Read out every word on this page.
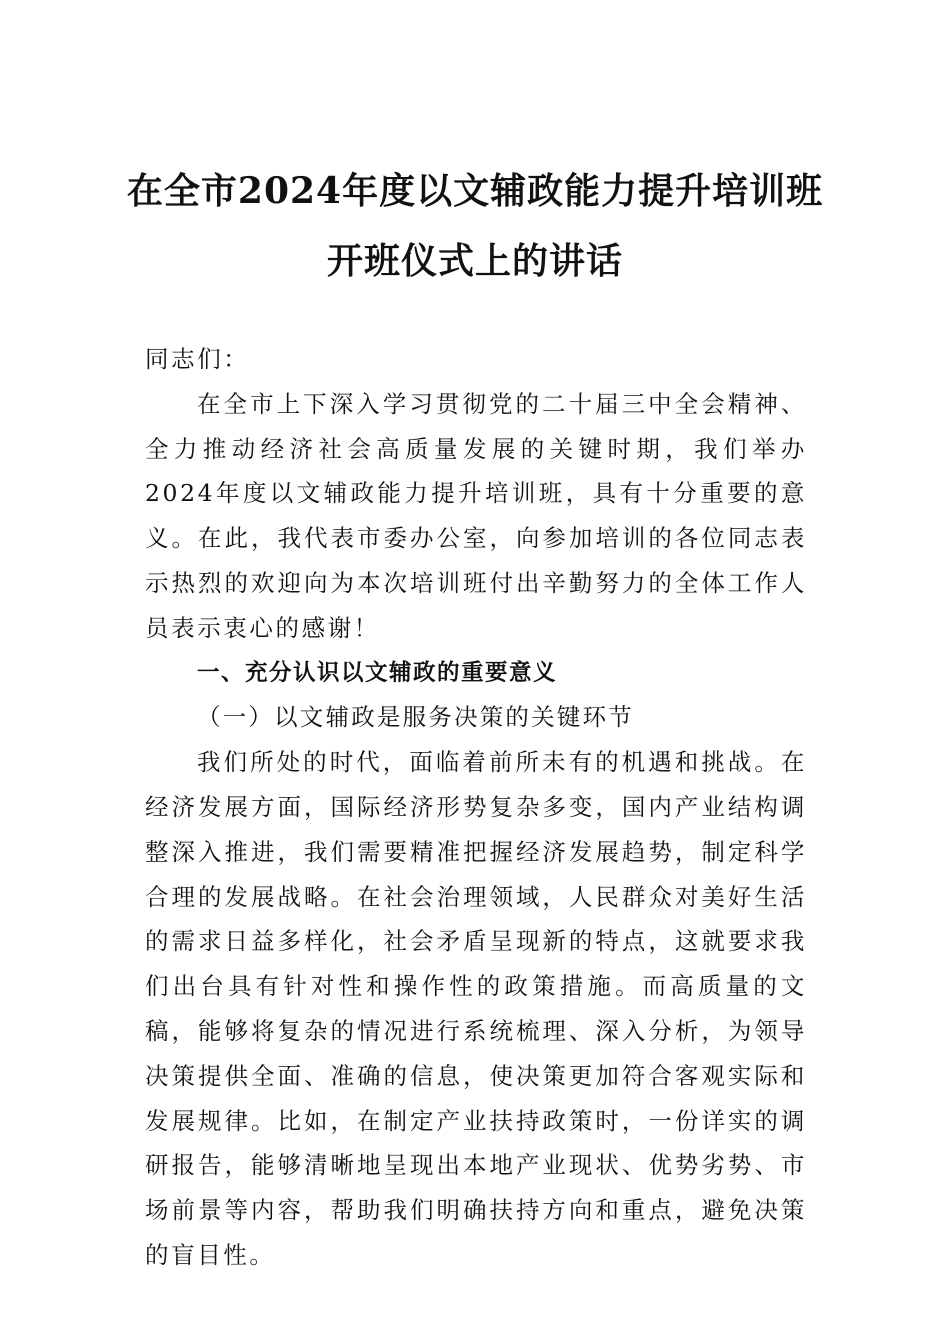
在全市2024年度以文辅政能力提升培训班
开班仪式上的讲话

同志们：

在全市上下深入学习贯彻党的二十届三中全会精神、全力推动经济社会高质量发展的关键时期，我们举办2024年度以文辅政能力提升培训班，具有十分重要的意义。在此，我代表市委办公室，向参加培训的各位同志表示热烈的欢迎向为本次培训班付出辛勤努力的全体工作人员表示衷心的感谢！

一、充分认识以文辅政的重要意义

（一）以文辅政是服务决策的关键环节

我们所处的时代，面临着前所未有的机遇和挑战。在经济发展方面，国际经济形势复杂多变，国内产业结构调整深入推进，我们需要精准把握经济发展趋势，制定科学合理的发展战略。在社会治理领域，人民群众对美好生活的需求日益多样化，社会矛盾呈现新的特点，这就要求我们出台具有针对性和操作性的政策措施。而高质量的文稿，能够将复杂的情况进行系统梳理、深入分析，为领导决策提供全面、准确的信息，使决策更加符合客观实际和发展规律。比如，在制定产业扶持政策时，一份详实的调研报告，能够清晰地呈现出本地产业现状、优势劣势、市场前景等内容，帮助我们明确扶持方向和重点，避免决策的盲目性。
